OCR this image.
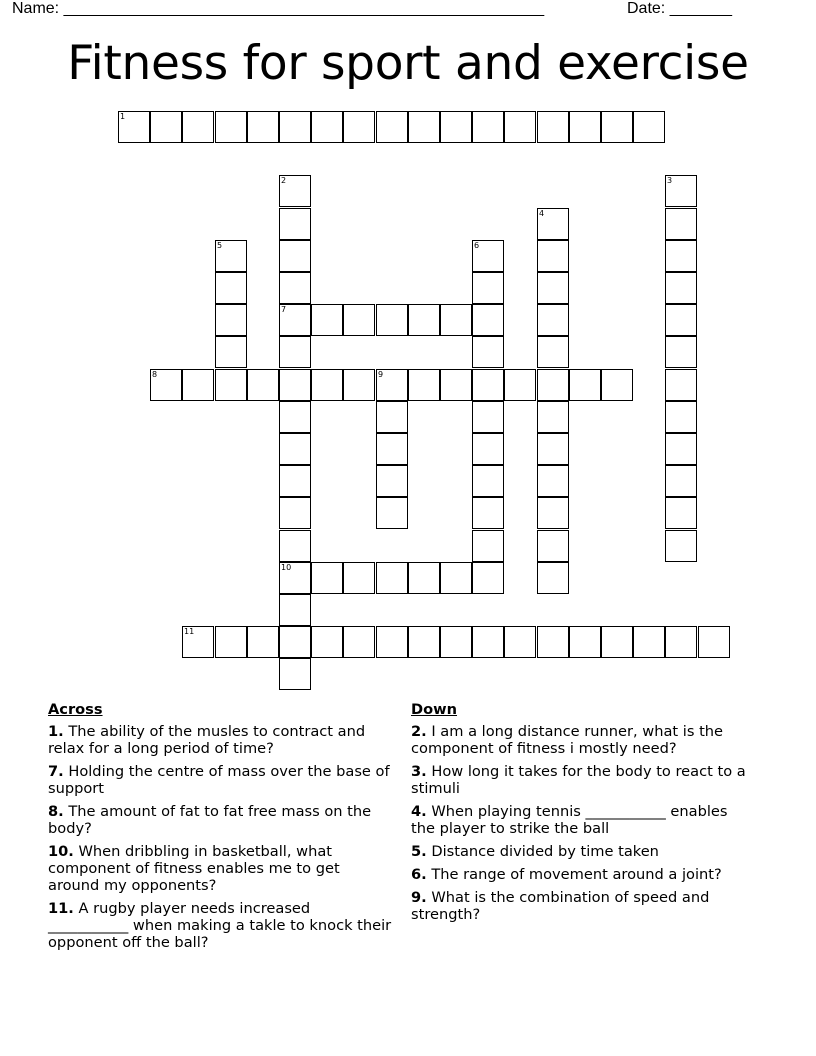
Name: ______________________________________________________	Date: _______
Fitness for sport and exercise
1
2
7
10
3
4
5	6
8	9
11
Across
1. The ability of the musles to contract and relax for a long period of time?
7. Holding the centre of mass over the base of support
8. The amount of fat to fat free mass on the body?
10. When dribbling in basketball, what component of fitness enables me to get around my opponents?
11. A rugby player needs increased ___________ when making a takle to knock their opponent off the ball?
Down
2. I am a long distance runner, what is the component of fitness i mostly need?
3. How long it takes for the body to react to a stimuli
4. When playing tennis ___________ enables the player to strike the ball
5. Distance divided by time taken
6. The range of movement around a joint?
9. What is the combination of speed and strength?
